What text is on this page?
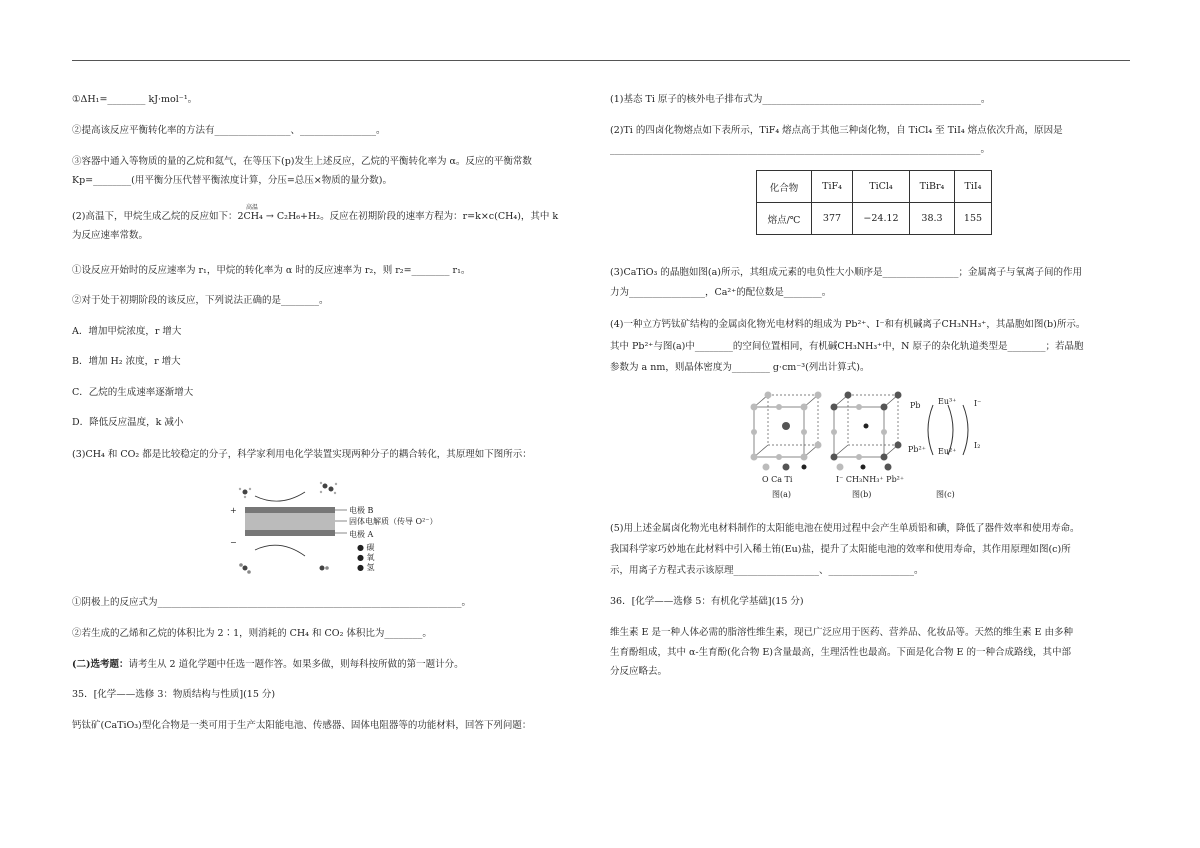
①ΔH₁=________ kJ·mol⁻¹。
②提高该反应平衡转化率的方法有________________、________________。
③容器中通入等物质的量的乙烷和氦气，在等压下(p)发生上述反应，乙烷的平衡转化率为 α。反应的平衡常数
Kp=________(用平衡分压代替平衡浓度计算，分压=总压×物质的量分数)。
高温
(2)高温下，甲烷生成乙烷的反应如下：2CH₄ → C₂H₆+H₂。反应在初期阶段的速率方程为：r=k×c(CH₄)，其中 k
为反应速率常数。
①设反应开始时的反应速率为 r₁，甲烷的转化率为 α 时的反应速率为 r₂，则 r₂=________ r₁。
②对于处于初期阶段的该反应，下列说法正确的是________。
A．增加甲烷浓度，r 增大
B．增加 H₂ 浓度，r 增大
C．乙烷的生成速率逐渐增大
D．降低反应温度，k 减小
(3)CH₄ 和 CO₂ 都是比较稳定的分子，科学家利用电化学装置实现两种分子的耦合转化，其原理如下图所示：
+
−
电极 B
固体电解质（传导 O²⁻）
电极 A
● 碳
● 氧
● 氢
①阴极上的反应式为________________________________________________________________。
②若生成的乙烯和乙烷的体积比为 2∶1，则消耗的 CH₄ 和 CO₂ 体积比为________。
(二)选考题：请考生从 2 道化学题中任选一题作答。如果多做，则每科按所做的第一题计分。
35．[化学——选修 3：物质结构与性质](15 分)
钙钛矿(CaTiO₃)型化合物是一类可用于生产太阳能电池、传感器、固体电阻器等的功能材料，回答下列问题：
(1)基态 Ti 原子的核外电子排布式为______________________________________________。
(2)Ti 的四卤化物熔点如下表所示，TiF₄ 熔点高于其他三种卤化物，自 TiCl₄ 至 TiI₄ 熔点依次升高，原因是
______________________________________________________________________________。
化合物	TiF₄	TiCl₄	TiBr₄	TiI₄
熔点/℃	377	−24.12	38.3	155
(3)CaTiO₃ 的晶胞如图(a)所示，其组成元素的电负性大小顺序是________________；金属离子与氧离子间的作用
力为________________，Ca²⁺的配位数是________。
(4)一种立方钙钛矿结构的金属卤化物光电材料的组成为 Pb²⁺、I⁻和有机碱离子CH₃NH₃⁺，其晶胞如图(b)所示。
其中 Pb²⁺与图(a)中________的空间位置相同，有机碱CH₃NH₃⁺中，N 原子的杂化轨道类型是________；若晶胞
参数为 a nm，则晶体密度为________ g·cm⁻³(列出计算式)。
O Ca Ti
图(a)
I⁻ CH₃NH₃⁺ Pb²⁺
图(b)
Pb
Pb²⁺
Eu³⁺
Eu²⁺
I⁻
I₂
图(c)
(5)用上述金属卤化物光电材料制作的太阳能电池在使用过程中会产生单质铅和碘，降低了器件效率和使用寿命。
我国科学家巧妙地在此材料中引入稀土铕(Eu)盐，提升了太阳能电池的效率和使用寿命，其作用原理如图(c)所
示，用离子方程式表示该原理__________________、__________________。
36．[化学——选修 5：有机化学基础](15 分)
维生素 E 是一种人体必需的脂溶性维生素，现已广泛应用于医药、营养品、化妆品等。天然的维生素 E 由多种
生育酚组成，其中 α-生育酚(化合物 E)含量最高，生理活性也最高。下面是化合物 E 的一种合成路线，其中部
分反应略去。
